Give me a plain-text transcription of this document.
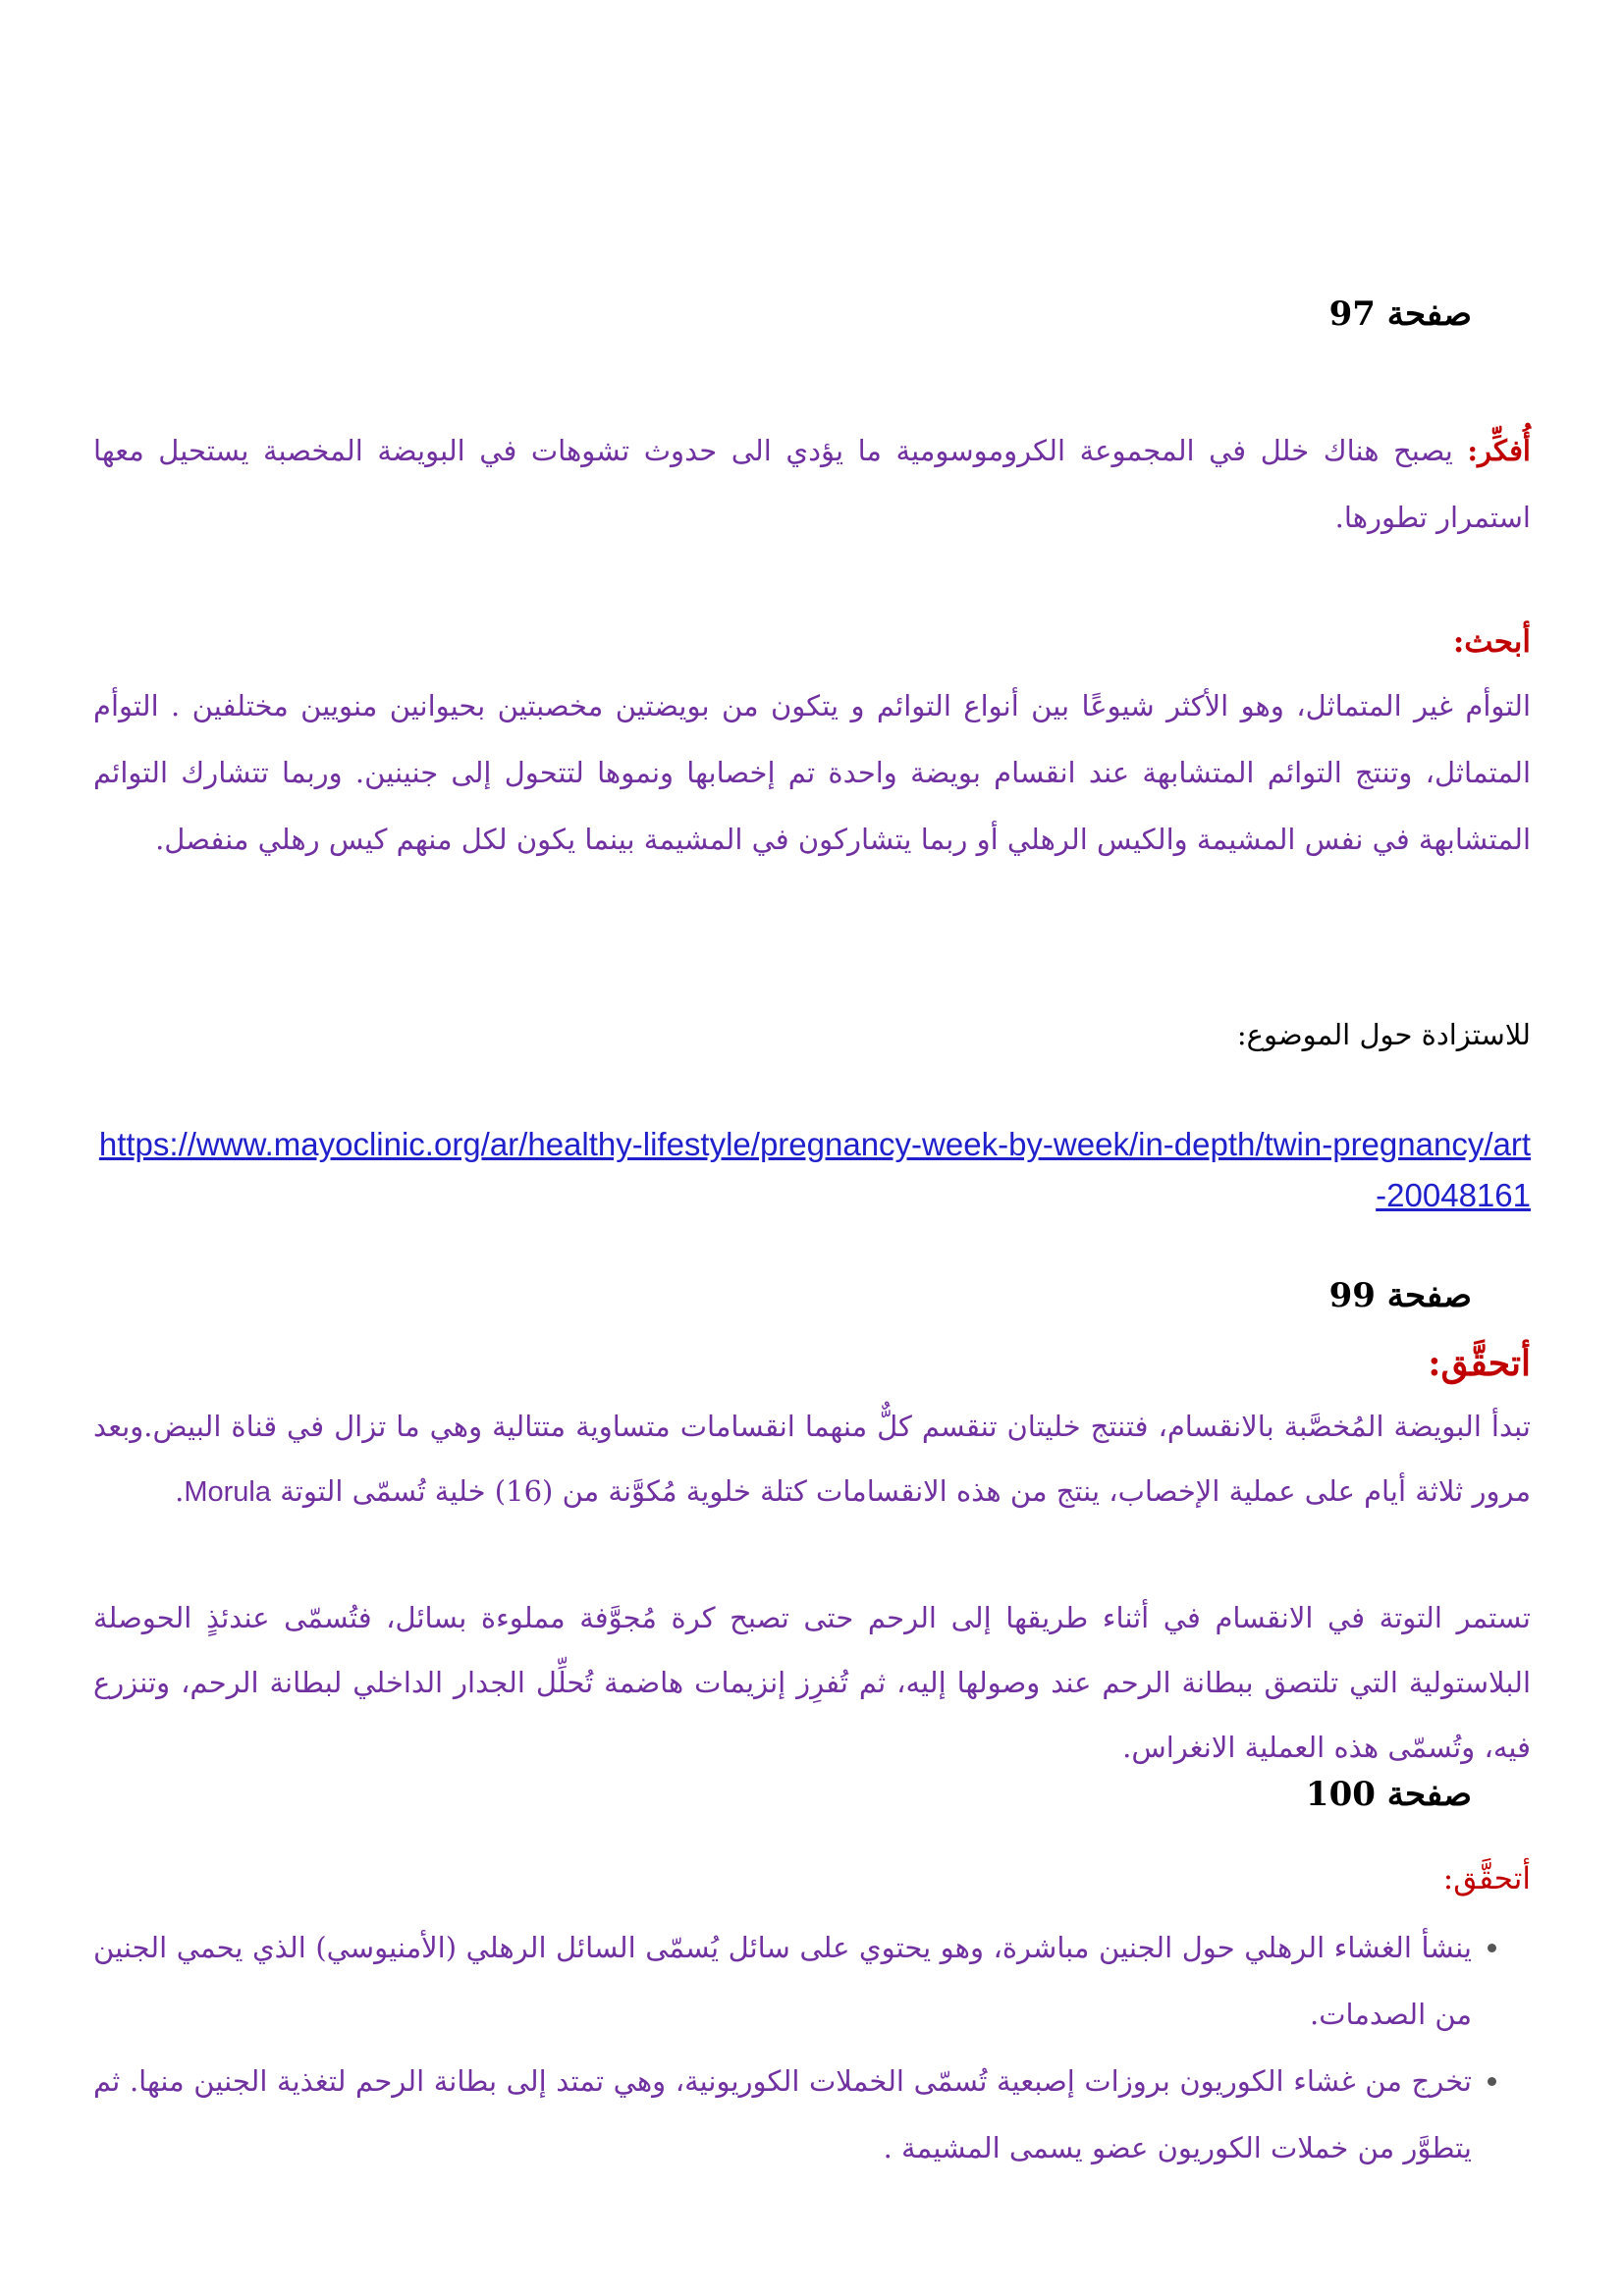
صفحة 97

أُفكِّر: يصبح هناك خلل في المجموعة الكروموسومية ما يؤدي الى حدوث تشوهات في البويضة المخصبة يستحيل معها استمرار تطورها.

أبحث:

التوأم غير المتماثل، وهو الأكثر شيوعًا بين أنواع التوائم و يتكون من بويضتين مخصبتين بحيوانين منويين مختلفين . التوأم المتماثل، وتنتج التوائم المتشابهة عند انقسام بويضة واحدة تم إخصابها ونموها لتتحول إلى جنينين. وربما تتشارك التوائم المتشابهة في نفس المشيمة والكيس الرهلي أو ربما يتشاركون في المشيمة بينما يكون لكل منهم كيس رهلي منفصل.

للاستزادة حول الموضوع:

https://www.mayoclinic.org/ar/healthy-lifestyle/pregnancy-week-by-week/in-depth/twin-pregnancy/art-20048161
صفحة 99
أتحقَّق:

تبدأ البويضة المُخصَّبة بالانقسام، فتنتج خليتان تنقسم كلٌّ منهما انقسامات متساوية متتالية وهي ما تزال في قناة البيض.وبعد مرور ثلاثة أيام على عملية الإخصاب، ينتج من هذه الانقسامات كتلة خلوية مُكوَّنة من (16) خلية تُسمّى التوتة Morula.

تستمر التوتة في الانقسام في أثناء طريقها إلى الرحم حتى تصبح كرة مُجوَّفة مملوءة بسائل، فتُسمّى عندئذٍ الحوصلة البلاستولية التي تلتصق ببطانة الرحم عند وصولها إليه، ثم تُفرِز إنزيمات هاضمة تُحلِّل الجدار الداخلي لبطانة الرحم، وتنزرع فيه، وتُسمّى هذه العملية الانغراس.

صفحة 100
أتحقَّق:
• ينشأ الغشاء الرهلي حول الجنين مباشرة، وهو يحتوي على سائل يُسمّى السائل الرهلي (الأمنيوسي) الذي يحمي الجنين من الصدمات.
• تخرج من غشاء الكوريون بروزات إصبعية تُسمّى الخملات الكوريونية، وهي تمتد إلى بطانة الرحم لتغذية الجنين منها. ثم يتطوَّر من خملات الكوريون عضو يسمى المشيمة .
